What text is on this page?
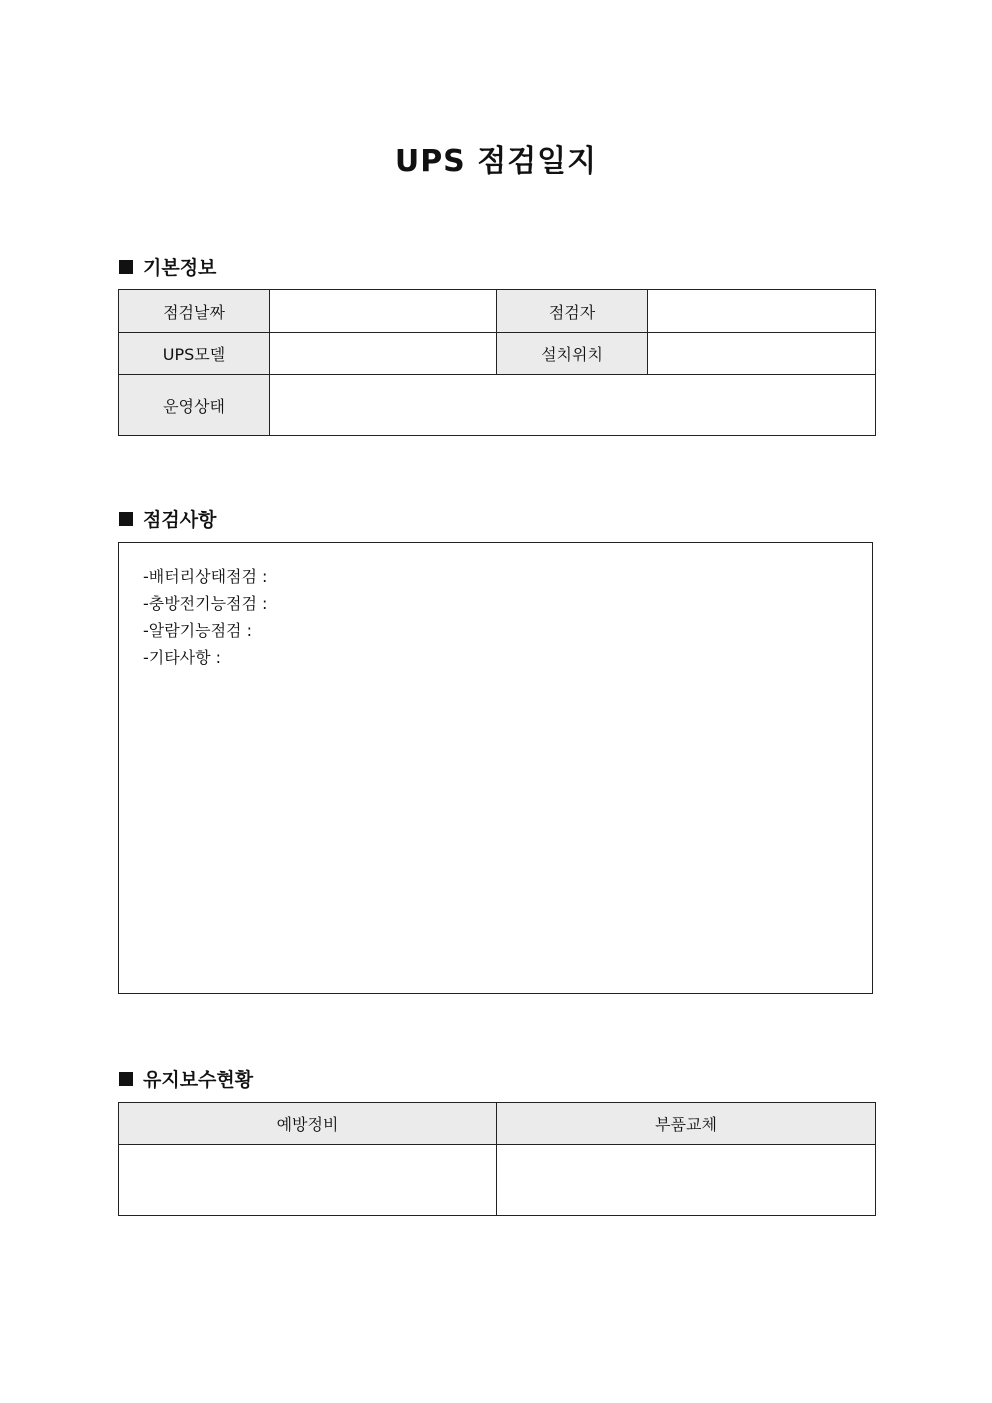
UPS 점검일지
기본정보
점검날짜		점검자	
UPS모델		설치위치	
운영상태			
점검사항
-배터리상태점검 :
-충방전기능점검 :
-알람기능점검 :
-기타사항 :
유지보수현황
예방정비	부품교체
